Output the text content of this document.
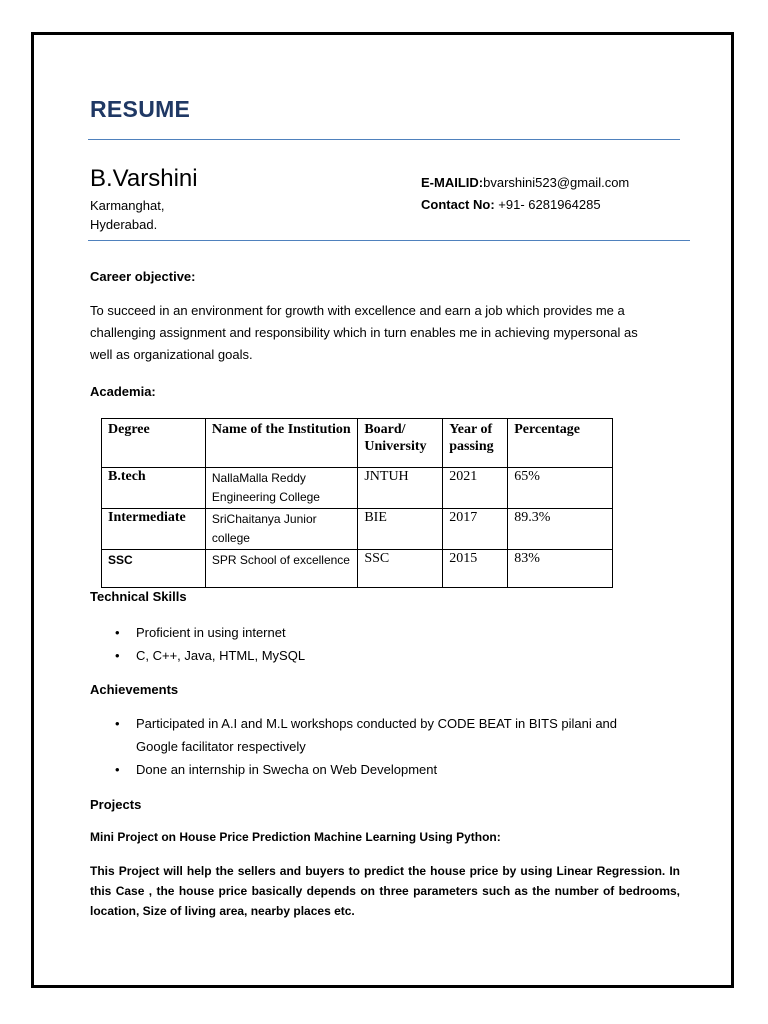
RESUME
B.Varshini
Karmanghat,
Hyderabad.
E-MAILID:bvarshini523@gmail.com
Contact No: +91- 6281964285
Career objective:
To succeed in an environment for growth with excellence and earn a job which provides me a
challenging assignment and responsibility which in turn enables me in achieving mypersonal as
well as organizational goals.
Academia:
Degree	Name of the Institution	Board/ University	Year of passing	Percentage
B.tech	NallaMalla Reddy Engineering College	JNTUH	2021	65%
Intermediate	SriChaitanya Junior college	BIE	2017	89.3%
SSC	SPR School of excellence	SSC	2015	83%
Technical Skills
•	Proficient in using internet
•	C, C++, Java, HTML, MySQL
Achievements
•	Participated in A.I and M.L workshops conducted by CODE BEAT in BITS pilani and
Google facilitator respectively
•	Done an internship in Swecha on Web Development
Projects
Mini Project on House Price Prediction Machine Learning Using Python:
This Project will help the sellers and buyers to predict the house price by using Linear Regression. In this Case , the house price basically depends on three parameters such as the number of bedrooms, location, Size of living area, nearby places etc.
